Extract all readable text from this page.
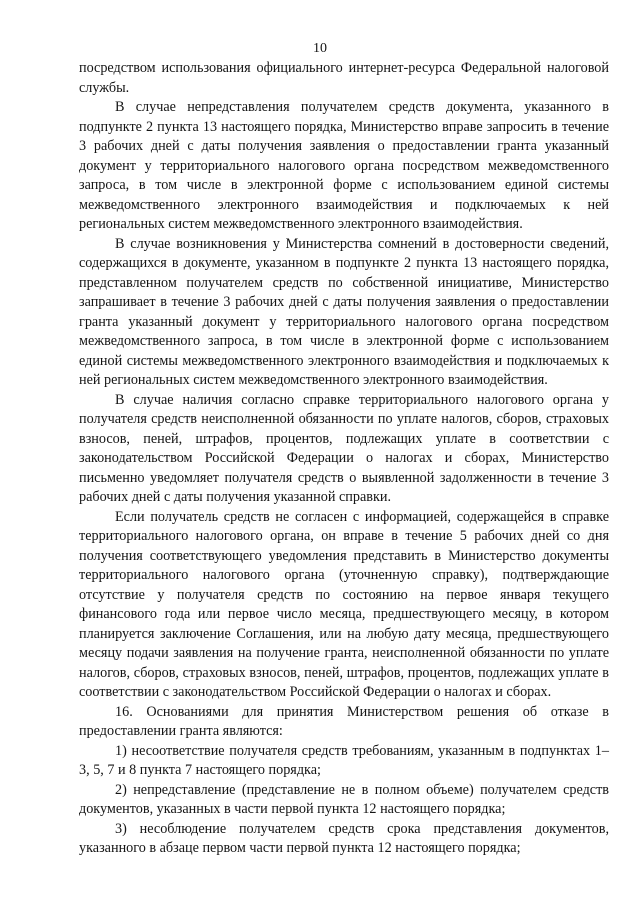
10

посредством использования официального интернет-ресурса Федеральной налоговой службы.

В случае непредставления получателем средств документа, указанного в подпункте 2 пункта 13 настоящего порядка, Министерство вправе запросить в течение 3 рабочих дней с даты получения заявления о предоставлении гранта указанный документ у территориального налогового органа посредством межведомственного запроса, в том числе в электронной форме с использованием единой системы межведомственного электронного взаимодействия и подключаемых к ней региональных систем межведомственного электронного взаимодействия.

В случае возникновения у Министерства сомнений в достоверности сведений, содержащихся в документе, указанном в подпункте 2 пункта 13 настоящего порядка, представленном получателем средств по собственной инициативе, Министерство запрашивает в течение 3 рабочих дней с даты получения заявления о предоставлении гранта указанный документ у территориального налогового органа посредством межведомственного запроса, в том числе в электронной форме с использованием единой системы межведомственного электронного взаимодействия и подключаемых к ней региональных систем межведомственного электронного взаимодействия.

В случае наличия согласно справке территориального налогового органа у получателя средств неисполненной обязанности по уплате налогов, сборов, страховых взносов, пеней, штрафов, процентов, подлежащих уплате в соответствии с законодательством Российской Федерации о налогах и сборах, Министерство письменно уведомляет получателя средств о выявленной задолженности в течение 3 рабочих дней с даты получения указанной справки.

Если получатель средств не согласен с информацией, содержащейся в справке территориального налогового органа, он вправе в течение 5 рабочих дней со дня получения соответствующего уведомления представить в Министерство документы территориального налогового органа (уточненную справку), подтверждающие отсутствие у получателя средств по состоянию на первое января текущего финансового года или первое число месяца, предшествующего месяцу, в котором планируется заключение Соглашения, или на любую дату месяца, предшествующего месяцу подачи заявления на получение гранта, неисполненной обязанности по уплате налогов, сборов, страховых взносов, пеней, штрафов, процентов, подлежащих уплате в соответствии с законодательством Российской Федерации о налогах и сборах.

16. Основаниями для принятия Министерством решения об отказе в предоставлении гранта являются:

1) несоответствие получателя средств требованиям, указанным в подпунктах 1–3, 5, 7 и 8 пункта 7 настоящего порядка;

2) непредставление (представление не в полном объеме) получателем средств документов, указанных в части первой пункта 12 настоящего порядка;

3) несоблюдение получателем средств срока представления документов, указанного в абзаце первом части первой пункта 12 настоящего порядка;
